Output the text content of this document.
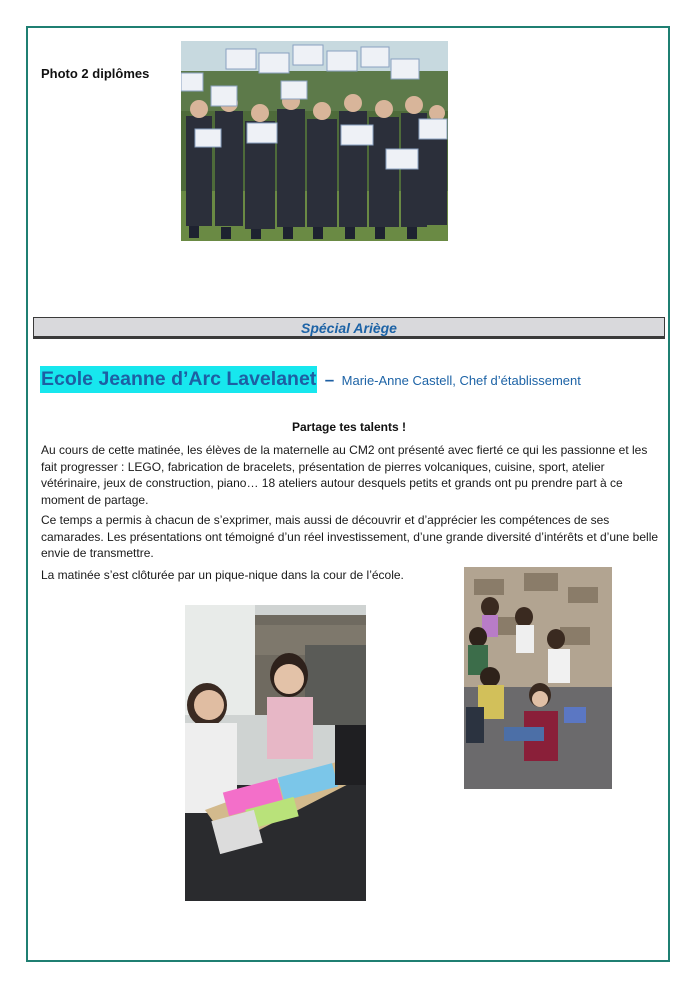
Photo 2 diplômes
Spécial Ariège
Ecole Jeanne d’Arc Lavelanet – Marie-Anne Castell, Chef d’établissement
Partage tes talents !

Au cours de cette matinée, les élèves de la maternelle au CM2 ont présenté avec fierté ce qui les passionne et les fait progresser : LEGO, fabrication de bracelets, présentation de pierres volcaniques, cuisine, sport, atelier vétérinaire, jeux de construction, piano… 18 ateliers autour desquels petits et grands ont pu prendre part à ce moment de partage.

Ce temps a permis à chacun de s’exprimer, mais aussi de découvrir et d’apprécier les compétences de ses camarades. Les présentations ont témoigné d’un réel investissement, d’une grande diversité d’intérêts et d’une belle envie de transmettre.

La matinée s’est clôturée par un pique-nique dans la cour de l’école.
